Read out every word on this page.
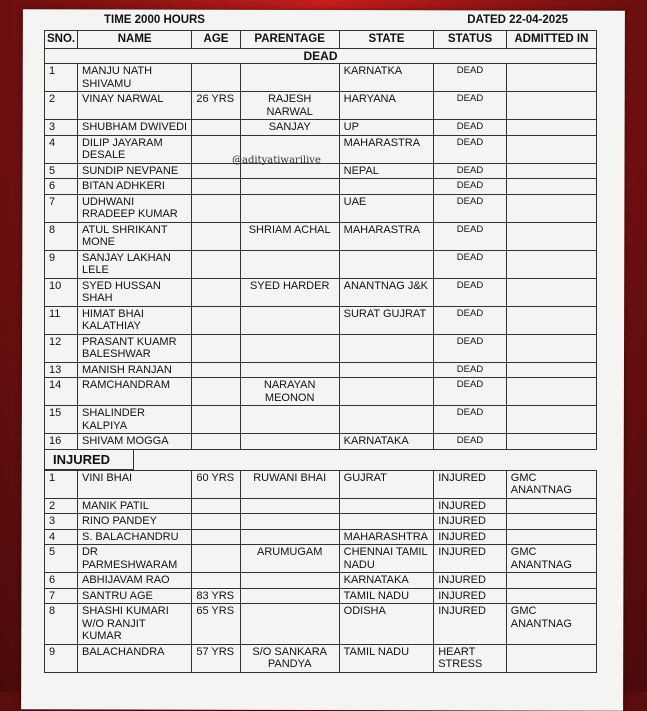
TIME 2000 HOURS	DATED 22-04-2025
SNO.	NAME	AGE	PARENTAGE	STATE	STATUS	ADMITTED IN
DEAD						
1	MANJU NATH SHIVAMU			KARNATKA	DEAD	
2	VINAY NARWAL	26 YRS	RAJESH NARWAL	HARYANA	DEAD	
3	SHUBHAM DWIVEDI		SANJAY	UP	DEAD	
4	DILIP JAYARAM DESALE			MAHARASTRA	DEAD	
5	SUNDIP NEVPANE			NEPAL	DEAD	
6	BITAN ADHKERI				DEAD	
7	UDHWANI RRADEEP KUMAR			UAE	DEAD	
8	ATUL SHRIKANT MONE		SHRIAM ACHAL	MAHARASTRA	DEAD	
9	SANJAY LAKHAN LELE				DEAD	
10	SYED HUSSAN SHAH		SYED HARDER	ANANTNAG J&K	DEAD	
11	HIMAT BHAI KALATHIAY			SURAT GUJRAT	DEAD	
12	PRASANT KUAMR BALESHWAR				DEAD	
13	MANISH RANJAN				DEAD	
14	RAMCHANDRAM		NARAYAN MEONON		DEAD	
15	SHALINDER KALPIYA				DEAD	
16	SHIVAM MOGGA			KARNATAKA	DEAD	
INJURED
1	VINI BHAI	60 YRS	RUWANI BHAI	GUJRAT	INJURED	GMC ANANTNAG
2	MANIK PATIL				INJURED	
3	RINO PANDEY				INJURED	
4	S. BALACHANDRU			MAHARASHTRA	INJURED	
5	DR PARMESHWARAM		ARUMUGAM	CHENNAI TAMIL NADU	INJURED	GMC ANANTNAG
6	ABHIJAVAM RAO			KARNATAKA	INJURED	
7	SANTRU AGE	83 YRS		TAMIL NADU	INJURED	
8	SHASHI KUMARI W/O RANJIT KUMAR	65 YRS		ODISHA	INJURED	GMC ANANTNAG
9	BALACHANDRA	57 YRS	S/O SANKARA PANDYA	TAMIL NADU	HEART STRESS	
@adityatiwarilive
